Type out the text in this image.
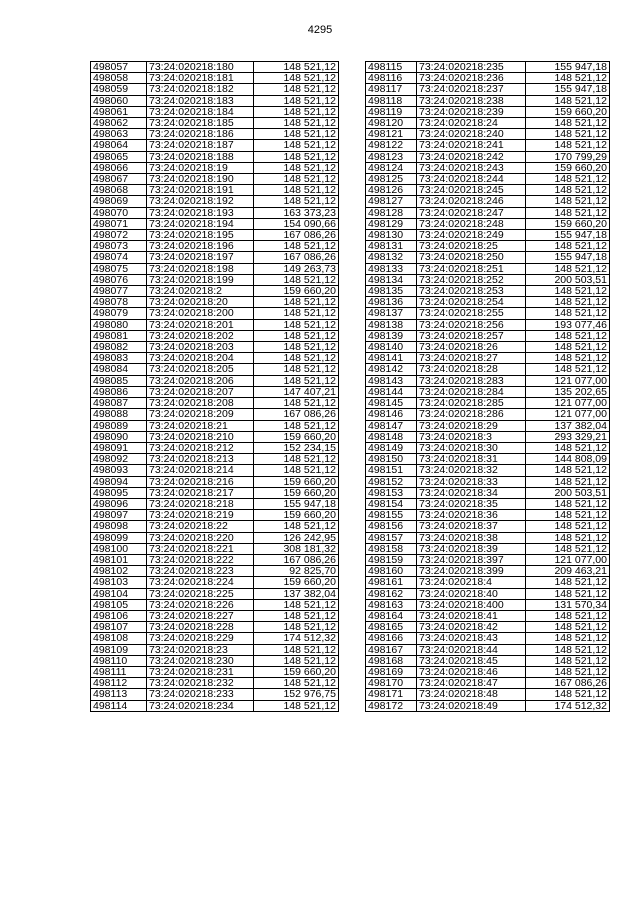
4295
498057	73:24:020218:180	148 521,12
498058	73:24:020218:181	148 521,12
498059	73:24:020218:182	148 521,12
498060	73:24:020218:183	148 521,12
498061	73:24:020218:184	148 521,12
498062	73:24:020218:185	148 521,12
498063	73:24:020218:186	148 521,12
498064	73:24:020218:187	148 521,12
498065	73:24:020218:188	148 521,12
498066	73:24:020218:19	148 521,12
498067	73:24:020218:190	148 521,12
498068	73:24:020218:191	148 521,12
498069	73:24:020218:192	148 521,12
498070	73:24:020218:193	163 373,23
498071	73:24:020218:194	154 090,66
498072	73:24:020218:195	167 086,26
498073	73:24:020218:196	148 521,12
498074	73:24:020218:197	167 086,26
498075	73:24:020218:198	149 263,73
498076	73:24:020218:199	148 521,12
498077	73:24:020218:2	159 660,20
498078	73:24:020218:20	148 521,12
498079	73:24:020218:200	148 521,12
498080	73:24:020218:201	148 521,12
498081	73:24:020218:202	148 521,12
498082	73:24:020218:203	148 521,12
498083	73:24:020218:204	148 521,12
498084	73:24:020218:205	148 521,12
498085	73:24:020218:206	148 521,12
498086	73:24:020218:207	147 407,21
498087	73:24:020218:208	148 521,12
498088	73:24:020218:209	167 086,26
498089	73:24:020218:21	148 521,12
498090	73:24:020218:210	159 660,20
498091	73:24:020218:212	152 234,15
498092	73:24:020218:213	148 521,12
498093	73:24:020218:214	148 521,12
498094	73:24:020218:216	159 660,20
498095	73:24:020218:217	159 660,20
498096	73:24:020218:218	155 947,18
498097	73:24:020218:219	159 660,20
498098	73:24:020218:22	148 521,12
498099	73:24:020218:220	126 242,95
498100	73:24:020218:221	308 181,32
498101	73:24:020218:222	167 086,26
498102	73:24:020218:223	92 825,70
498103	73:24:020218:224	159 660,20
498104	73:24:020218:225	137 382,04
498105	73:24:020218:226	148 521,12
498106	73:24:020218:227	148 521,12
498107	73:24:020218:228	148 521,12
498108	73:24:020218:229	174 512,32
498109	73:24:020218:23	148 521,12
498110	73:24:020218:230	148 521,12
498111	73:24:020218:231	159 660,20
498112	73:24:020218:232	148 521,12
498113	73:24:020218:233	152 976,75
498114	73:24:020218:234	148 521,12
498115	73:24:020218:235	155 947,18
498116	73:24:020218:236	148 521,12
498117	73:24:020218:237	155 947,18
498118	73:24:020218:238	148 521,12
498119	73:24:020218:239	159 660,20
498120	73:24:020218:24	148 521,12
498121	73:24:020218:240	148 521,12
498122	73:24:020218:241	148 521,12
498123	73:24:020218:242	170 799,29
498124	73:24:020218:243	159 660,20
498125	73:24:020218:244	148 521,12
498126	73:24:020218:245	148 521,12
498127	73:24:020218:246	148 521,12
498128	73:24:020218:247	148 521,12
498129	73:24:020218:248	159 660,20
498130	73:24:020218:249	155 947,18
498131	73:24:020218:25	148 521,12
498132	73:24:020218:250	155 947,18
498133	73:24:020218:251	148 521,12
498134	73:24:020218:252	200 503,51
498135	73:24:020218:253	148 521,12
498136	73:24:020218:254	148 521,12
498137	73:24:020218:255	148 521,12
498138	73:24:020218:256	193 077,46
498139	73:24:020218:257	148 521,12
498140	73:24:020218:26	148 521,12
498141	73:24:020218:27	148 521,12
498142	73:24:020218:28	148 521,12
498143	73:24:020218:283	121 077,00
498144	73:24:020218:284	135 202,65
498145	73:24:020218:285	121 077,00
498146	73:24:020218:286	121 077,00
498147	73:24:020218:29	137 382,04
498148	73:24:020218:3	293 329,21
498149	73:24:020218:30	148 521,12
498150	73:24:020218:31	144 808,09
498151	73:24:020218:32	148 521,12
498152	73:24:020218:33	148 521,12
498153	73:24:020218:34	200 503,51
498154	73:24:020218:35	148 521,12
498155	73:24:020218:36	148 521,12
498156	73:24:020218:37	148 521,12
498157	73:24:020218:38	148 521,12
498158	73:24:020218:39	148 521,12
498159	73:24:020218:397	121 077,00
498160	73:24:020218:399	209 463,21
498161	73:24:020218:4	148 521,12
498162	73:24:020218:40	148 521,12
498163	73:24:020218:400	131 570,34
498164	73:24:020218:41	148 521,12
498165	73:24:020218:42	148 521,12
498166	73:24:020218:43	148 521,12
498167	73:24:020218:44	148 521,12
498168	73:24:020218:45	148 521,12
498169	73:24:020218:46	148 521,12
498170	73:24:020218:47	167 086,26
498171	73:24:020218:48	148 521,12
498172	73:24:020218:49	174 512,32
